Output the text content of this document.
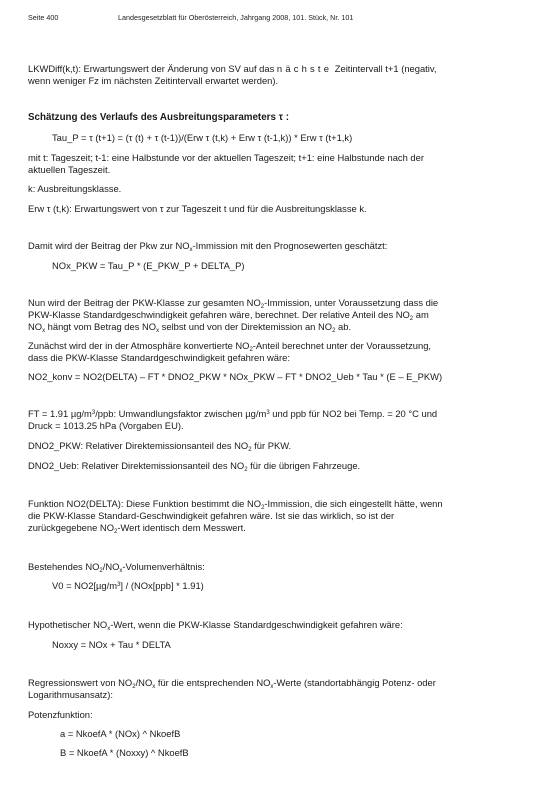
Seite 400	Landesgesetzblatt für Oberösterreich, Jahrgang 2008, 101. Stück, Nr. 101
LKWDiff(k,t): Erwartungswert der Änderung von SV auf das nächste Zeitintervall t+1 (negativ,
wenn weniger Fz im nächsten Zeitintervall erwartet werden).
Schätzung des Verlaufs des Ausbreitungsparameters τ :
Tau_P = τ (t+1) = (τ (t) + τ (t-1))/(Erw τ (t,k) + Erw τ (t-1,k)) * Erw τ (t+1,k)
mit t: Tageszeit; t-1: eine Halbstunde vor der aktuellen Tageszeit; t+1: eine Halbstunde nach der
aktuellen Tageszeit.
k: Ausbreitungsklasse.
Erw τ (t,k): Erwartungswert von τ zur Tageszeit t und für die Ausbreitungsklasse k.
Damit wird der Beitrag der Pkw zur $NO_x$-Immission mit den Prognosewerten geschätzt:
NOx_PKW = Tau_P * (E_PKW_P + DELTA_P)
Nun wird der Beitrag der PKW-Klasse zur gesamten $NO_2$-Immission, unter Voraussetzung dass die
PKW-Klasse Standardgeschwindigkeit gefahren wäre, berechnet. Der relative Anteil des $NO_2$ am
$NO_x$ hängt vom Betrag des $NO_x$ selbst und von der Direktemission an $NO_2$ ab.
Zunächst wird der in der Atmosphäre konvertierte $NO_2$-Anteil berechnet unter der Voraussetzung,
dass die PKW-Klasse Standardgeschwindigkeit gefahren wäre:
NO2_konv = NO2(DELTA) – FT * DNO2_PKW * NOx_PKW – FT * DNO2_Ueb * Tau * (E – E_PKW)
FT = 1.91 $\mu g/m^3$/ppb: Umwandlungsfaktor zwischen $\mu g/m^3$ und ppb für NO2 bei Temp. = 20 °C und
Druck = 1013.25 hPa (Vorgaben EU).
DNO2_PKW: Relativer Direktemissionsanteil des $NO_2$ für PKW.
DNO2_Ueb: Relativer Direktemissionsanteil des $NO_2$ für die übrigen Fahrzeuge.
Funktion NO2(DELTA): Diese Funktion bestimmt die $NO_2$-Immission, die sich eingestellt hätte, wenn
die PKW-Klasse Standard-Geschwindigkeit gefahren wäre. Ist sie das wirklich, so ist der
zurückgegebene $NO_2$-Wert identisch dem Messwert.
Bestehendes $NO_2/NO_x$-Volumenverhältnis:
$V0 = NO2[\mu g/m^3] / (NOx[ppb] * 1.91)$
Hypothetischer $NO_x$-Wert, wenn die PKW-Klasse Standardgeschwindigkeit gefahren wäre:
Noxxy = NOx + Tau * DELTA
Regressionswert von $NO_2/NO_x$ für die entsprechenden $NO_x$-Werte (standortabhängig Potenz- oder
Logarithmusansatz):
Potenzfunktion:
a = NkoefA * (NOx) ^ NkoefB
B = NkoefA * (Noxxy) ^ NkoefB
